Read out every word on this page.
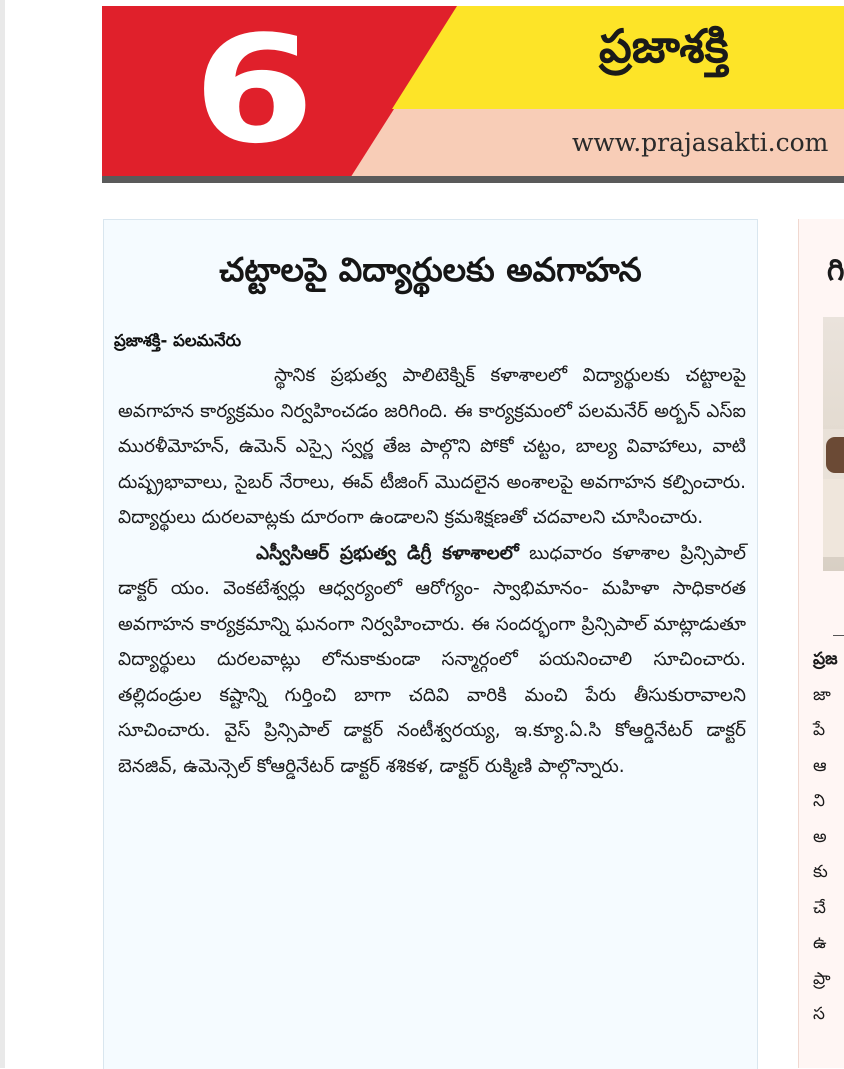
6	ప్రజాశక్తి
www.prajasakti.com
చట్టాలపై విద్యార్థులకు అవగాహన
ప్రజాశక్తి- పలమనేరు

స్థానిక ప్రభుత్వ పాలిటెక్నిక్ కళాశాలలో విద్యార్థులకు చట్టాలపై అవగాహన కార్యక్రమం నిర్వహించడం జరిగింది. ఈ కార్యక్రమంలో పలమనేర్ అర్బన్ ఎస్ఐ మురళీమోహన్, ఉమెన్ ఎస్సై స్వర్ణ తేజ పాల్గొని పోకో చట్టం, బాల్య వివాహాలు, వాటి దుష్ప్రభావాలు, సైబర్ నేరాలు, ఈవ్ టీజింగ్ మొదలైన అంశాలపై అవగాహన కల్పించారు. విద్యార్థులు దురలవాట్లకు దూరంగా ఉండాలని క్రమశిక్షణతో చదవాలని చూసించారు.

ఎస్వీసిఆర్ ప్రభుత్వ డిగ్రీ కళాశాలలో బుధవారం కళాశాల ప్రిన్సిపాల్ డాక్టర్ యం. వెంకటేశ్వర్లు ఆధ్వర్యంలో ఆరోగ్యం- స్వాభిమానం- మహిళా సాధికారత అవగాహన కార్యక్రమాన్ని ఘనంగా నిర్వహించారు. ఈ సందర్భంగా ప్రిన్సిపాల్ మాట్లాడుతూ విద్యార్థులు దురలవాట్లు లోనుకాకుండా సన్మార్గంలో పయనించాలి సూచించారు. తల్లిదండ్రుల కష్టాన్ని గుర్తించి బాగా చదివి వారికి మంచి పేరు తీసుకురావాలని సూచించారు. వైస్ ప్రిన్సిపాల్ డాక్టర్ నంటీశ్వరయ్య, ఇ.క్యూ.ఏ.సి కోఆర్డినేటర్ డాక్టర్ బెనజివ్, ఉమెన్సెల్ కోఆర్డినేటర్ డాక్టర్ శశికళ, డాక్టర్ రుక్మిణి పాల్గొన్నారు.

గి
ప్రజ
జా
పే
ఆ
ని
అ
కు
చే
ఉ
ప్రా
స
